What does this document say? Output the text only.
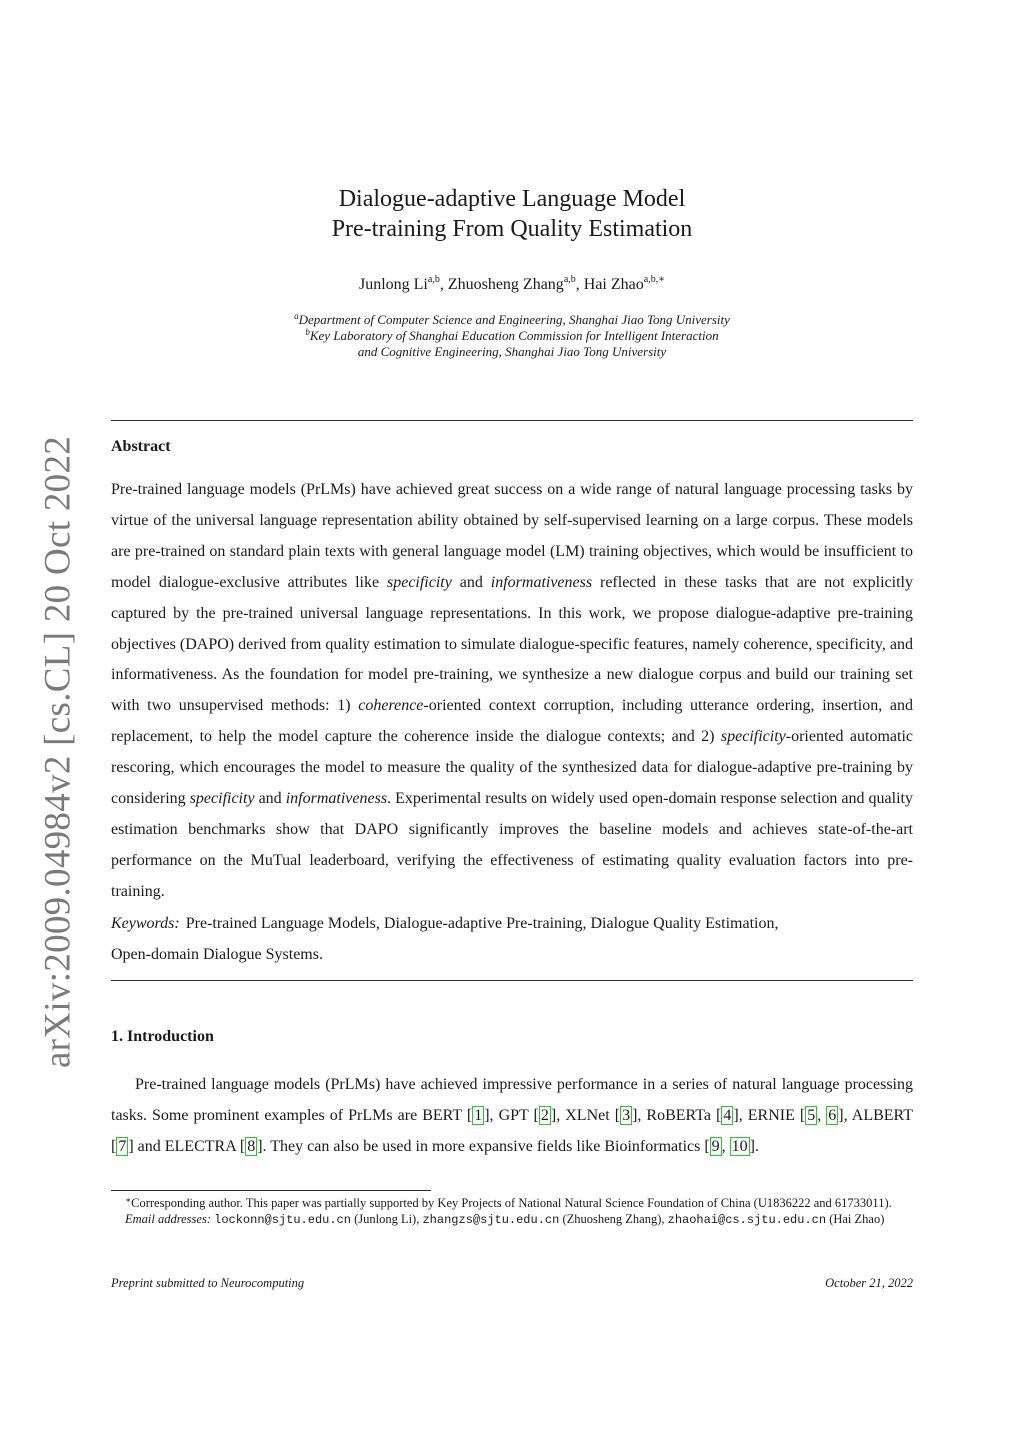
arXiv:2009.04984v2 [cs.CL] 20 Oct 2022
Dialogue-adaptive Language Model
Pre-training From Quality Estimation
Junlong Li$^{a,b}$, Zhuosheng Zhang$^{a,b}$, Hai Zhao$^{a,b,∗}$
$^a$Department of Computer Science and Engineering, Shanghai Jiao Tong University
$^b$Key Laboratory of Shanghai Education Commission for Intelligent Interaction
and Cognitive Engineering, Shanghai Jiao Tong University
Abstract

Pre-trained language models (PrLMs) have achieved great success on a wide range of natural language processing tasks by virtue of the universal language representation ability obtained by self-supervised learning on a large corpus. These models are pre-trained on standard plain texts with general language model (LM) training objectives, which would be insufficient to model dialogue-exclusive attributes like specificity and informativeness reflected in these tasks that are not explicitly captured by the pre-trained universal language representations. In this work, we propose dialogue-adaptive pre-training objectives (DAPO) derived from quality estimation to simulate dialogue-specific features, namely coherence, specificity, and informativeness. As the foundation for model pre-training, we synthesize a new dialogue corpus and build our training set with two unsupervised methods: 1) coherence-oriented context corruption, including utterance ordering, insertion, and replacement, to help the model capture the coherence inside the dialogue contexts; and 2) specificity-oriented automatic rescoring, which encourages the model to measure the quality of the synthesized data for dialogue-adaptive pre-training by considering specificity and informativeness. Experimental results on widely used open-domain response selection and quality estimation benchmarks show that DAPO significantly improves the baseline models and achieves state-of-the-art performance on the MuTual leaderboard, verifying the effectiveness of estimating quality evaluation factors into pre-training.

Keywords: Pre-trained Language Models, Dialogue-adaptive Pre-training, Dialogue Quality Estimation,
Open-domain Dialogue Systems.
1. Introduction

Pre-trained language models (PrLMs) have achieved impressive performance in a series of natural language processing tasks. Some prominent examples of PrLMs are BERT [ 1 ], GPT [ 2 ], XLNet [ 3 ], RoBERTa [ 4 ], ERNIE [ 5 , 6 ], ALBERT [ 7 ] and ELECTRA [ 8 ]. They can also be used in more expansive fields like Bioinformatics [ 9 , 10 ].

∗Corresponding author. This paper was partially supported by Key Projects of National Natural Science Foundation of China (U1836222 and 61733011).
Email addresses: lockonn@sjtu.edu.cn (Junlong Li), zhangzs@sjtu.edu.cn (Zhuosheng Zhang), zhaohai@cs.sjtu.edu.cn (Hai Zhao)
Preprint submitted to Neurocomputing	October 21, 2022
